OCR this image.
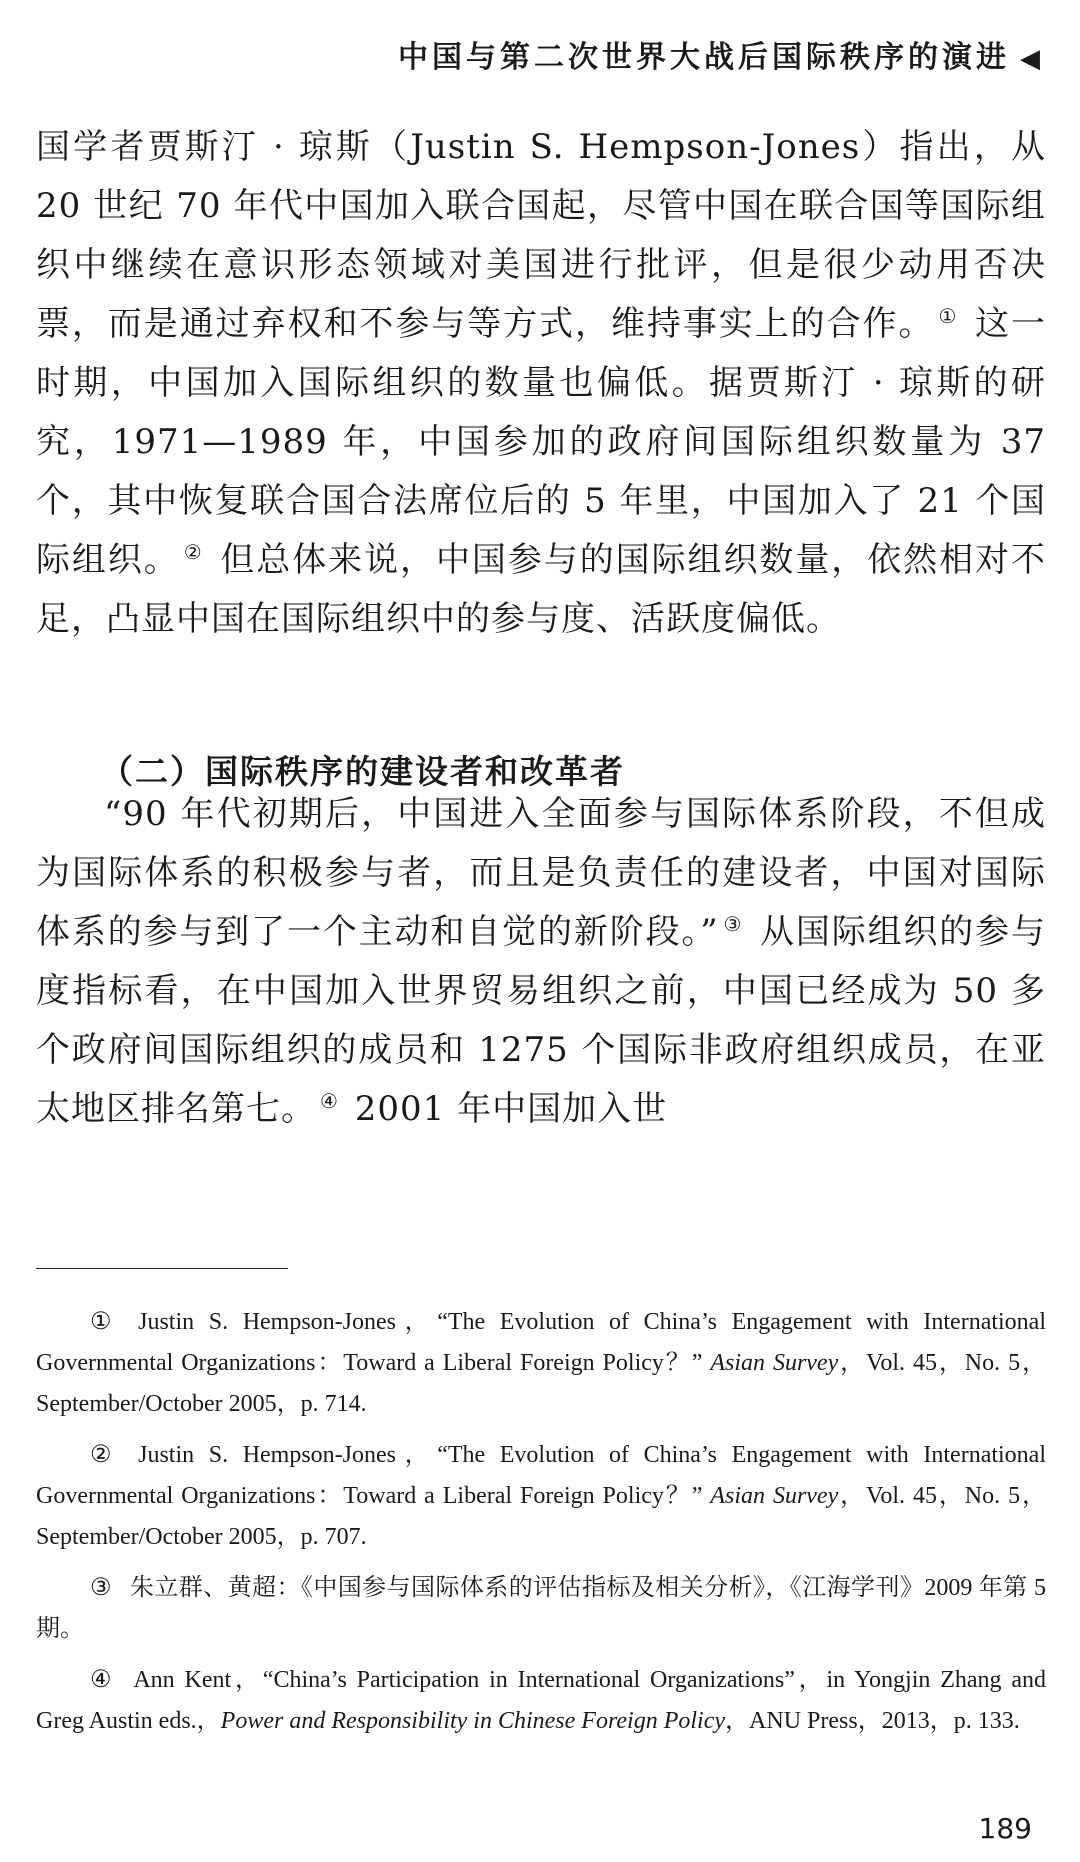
中国与第二次世界大战后国际秩序的演进 ◀

国学者贾斯汀 · 琼斯（Justin S. Hempson-Jones）指出，从 20 世纪 70 年代中国加入联合国起，尽管中国在联合国等国际组织中继续在意识形态领域对美国进行批评，但是很少动用否决票，而是通过弃权和不参与等方式，维持事实上的合作。 ① 这一时期，中国加入国际组织的数量也偏低。据贾斯汀 · 琼斯的研究，1971—1989 年，中国参加的政府间国际组织数量为 37 个，其中恢复联合国合法席位后的 5 年里，中国加入了 21 个国际组织。 ② 但总体来说，中国参与的国际组织数量，依然相对不足，凸显中国在国际组织中的参与度、活跃度偏低。

（二）国际秩序的建设者和改革者

“90 年代初期后，中国进入全面参与国际体系阶段，不但成为国际体系的积极参与者，而且是负责任的建设者，中国对国际体系的参与到了一个主动和自觉的新阶段。” ③ 从国际组织的参与度指标看，在中国加入世界贸易组织之前，中国已经成为 50 多个政府间国际组织的成员和 1275 个国际非政府组织成员，在亚太地区排名第七。 ④ 2001 年中国加入世

① Justin S. Hempson-Jones，“The Evolution of China’s Engagement with International Governmental Organizations：Toward a Liberal Foreign Policy？” Asian Survey，Vol. 45，No. 5，September/October 2005，p. 714.

② Justin S. Hempson-Jones，“The Evolution of China’s Engagement with International Governmental Organizations：Toward a Liberal Foreign Policy？” Asian Survey，Vol. 45，No. 5，September/October 2005，p. 707.

③ 朱立群、黄超：《中国参与国际体系的评估指标及相关分析》，《江海学刊》2009 年第 5 期。

④ Ann Kent，“China’s Participation in International Organizations”，in Yongjin Zhang and Greg Austin eds.，Power and Responsibility in Chinese Foreign Policy，ANU Press，2013，p. 133.

189
